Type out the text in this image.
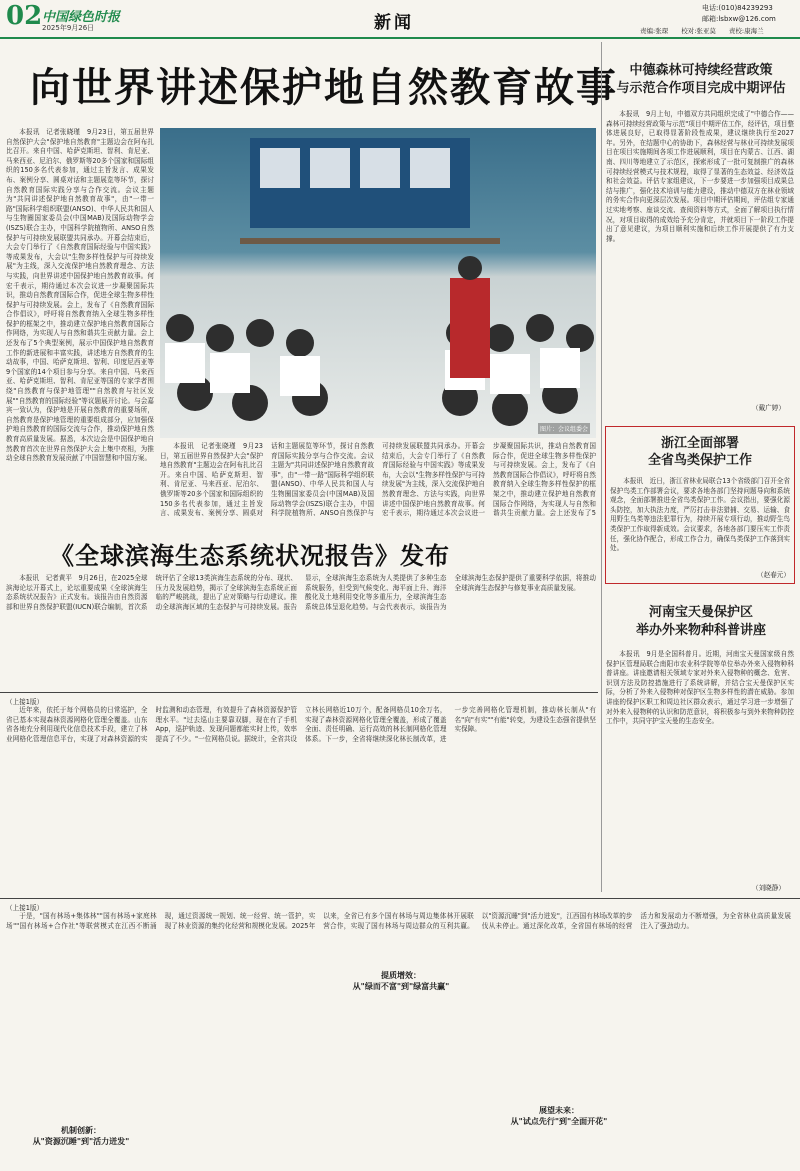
02 中国绿色时报
2025年9月26日	新闻
电话:(010)84239293
邮箱:lsbxw@126.com
责编:张琛　　校对:张亚莫　　责校:康海兰
向世界讲述保护地自然教育故事

本报讯　记者张晓瑾　9月23日，第五届世界自然保护大会"保护地自然教育"主题边会在阿布扎比召开。来自中国、哈萨克斯坦、智利、肯尼亚、马来西亚、尼泊尔、俄罗斯等20多个国家和国际组织的150多名代表参加，通过主旨发言、成果发布、案例分享、圆桌对话和主题展览等环节，探讨自然教育国际实践分享与合作交流。会议主题为"共同讲述保护地自然教育故事"，由"一带一路"国际科学组织联盟(ANSO)、中华人民共和国人与生物圈国家委员会(中国MAB)及国际动物学会(ISZS)联合主办，中国科学院植物所、ANSO自然保护与可持续发展联盟共同承办。开幕会结束后，大会专门举行了《自然教育国际经验与中国实践》等成果发布，大会以"生物多样性保护与可持续发展"为主线，深入交流保护地自然教育理念、方法与实践，向世界讲述中国保护地自然教育故事。何宏千表示，期待通过本次会议进一步凝聚国际共识，推动自然教育国际合作，促进全球生物多样性保护与可持续发展。会上，发布了《自然教育国际合作倡议》，呼吁将自然教育纳入全球生物多样性保护的框架之中，推动建立保护地自然教育国际合作网络，为实现人与自然和谐共生贡献力量。会上还发布了5个典型案例，展示中国保护地自然教育工作的新进展和丰富实践，讲述地方自然教育的生动故事，中国、哈萨克斯坦、智利、印度尼西亚等9个国家的14个项目参与分享。来自中国、马来西亚、哈萨克斯坦、智利、肯尼亚等国的专家学者围绕"自然教育与保护地管理""自然教育与社区发展""自然教育的国际经验"等议题展开讨论。与会嘉宾一致认为，保护地是开展自然教育的重要场所，自然教育是保护地管理的重要组成部分，应加强保护地自然教育的国际交流与合作，推动保护地自然教育高质量发展。据悉，本次边会是中国保护地自然教育首次在世界自然保护大会上集中亮相，为推动全球自然教育发展贡献了中国智慧和中国方案。

图片：会议组委会

本报讯　记者张晓瑾　9月23日，第五届世界自然保护大会"保护地自然教育"主题边会在阿布扎比召开。来自中国、哈萨克斯坦、智利、肯尼亚、马来西亚、尼泊尔、俄罗斯等20多个国家和国际组织的150多名代表参加，通过主旨发言、成果发布、案例分享、圆桌对话和主题展览等环节，探讨自然教育国际实践分享与合作交流。会议主题为"共同讲述保护地自然教育故事"，由"一带一路"国际科学组织联盟(ANSO)、中华人民共和国人与生物圈国家委员会(中国MAB)及国际动物学会(ISZS)联合主办，中国科学院植物所、ANSO自然保护与可持续发展联盟共同承办。开幕会结束后，大会专门举行了《自然教育国际经验与中国实践》等成果发布，大会以"生物多样性保护与可持续发展"为主线，深入交流保护地自然教育理念、方法与实践，向世界讲述中国保护地自然教育故事。何宏千表示，期待通过本次会议进一步凝聚国际共识，推动自然教育国际合作，促进全球生物多样性保护与可持续发展。会上，发布了《自然教育国际合作倡议》，呼吁将自然教育纳入全球生物多样性保护的框架之中，推动建立保护地自然教育国际合作网络，为实现人与自然和谐共生贡献力量。会上还发布了5

《全球滨海生态系统状况报告》发布

本报讯　记者黄平　9月26日，在2025全球滨海论坛开幕式上，论坛重要成果《全球滨海生态系统状况报告》正式发布。该报告由自然资源部和世界自然保护联盟(IUCN)联合编制，首次系统评估了全球13类滨海生态系统的分布、现状、压力及发展趋势，揭示了全球滨海生态系统正面临的严峻挑战，提出了应对策略与行动建议。推动全球滨海区域的生态保护与可持续发展。报告显示，全球滨海生态系统为人类提供了多种生态系统服务，但受到气候变化、海平面上升、海洋酸化及土地利用变化等多重压力，全球滨海生态系统总体呈退化趋势。与会代表表示，该报告为全球滨海生态保护提供了重要科学依据，将推动全球滨海生态保护与修复事业高质量发展。

（上接1版）

近年来，依托于每个网格员的日常巡护，全省已基本实现森林资源网格化管理全覆盖。山东省各地充分利用现代化信息技术手段，建立了林业网格化管理信息平台，实现了对森林资源的实时监测和动态管理，有效提升了森林资源保护管理水平。"过去巡山主要靠双脚，现在有了手机App，巡护轨迹、发现问题都能实时上传，效率提高了不少。"一位网格员说。据统计，全省共设立林长网格近10万个，配备网格员10余万名，实现了森林资源网格化管理全覆盖，形成了覆盖全面、责任明确、运行高效的林长制网格化管理体系。下一步，全省将继续深化林长制改革，进一步完善网格化管理机制，推动林长制从"有名"向"有实""有能"转变，为建设生态强省提供坚实保障。

（上接1版）

于是，"国有林场+集体林""国有林场+家庭林场""国有林场+合作社"等联营模式在江西不断涌现，通过资源统一规划、统一经营、统一管护，实现了林业资源的集约化经营和规模化发展。2025年以来，全省已有多个国有林场与周边集体林开展联营合作，实现了国有林场与周边群众的互利共赢。以"资源沉睡"到"活力迸发"，江西国有林场改革的步伐从未停止。通过深化改革，全省国有林场的经营活力和发展动力不断增强，为全省林业高质量发展注入了强劲动力。

机制创新：
从"资源沉睡"到"活力迸发"
提质增效：
从"绿而不富"到"绿富共赢"
展望未来：
从"试点先行"到"全面开花"
中德森林可持续经营政策
与示范合作项目完成中期评估

本报讯　9月上旬，中德双方共同组织完成了"中德合作——森林可持续经营政策与示范"项目中期评估工作，经评估，项目整体进展良好，已取得显著阶段性成果，建议继续执行至2027年。另外，在结题中心的协助下，森林经营与林业可持续发展项目在项目实施期间各项工作进展顺利，项目在内蒙古、江西、湖南、四川等地建立了示范区，探索形成了一批可复制推广的森林可持续经营模式与技术规程，取得了显著的生态效益、经济效益和社会效益。评估专家组建议，下一步要进一步加强项目成果总结与推广，强化技术培训与能力建设，推动中德双方在林业领域的务实合作向更深层次发展。项目中期评估期间，评估组专家通过实地考察、座谈交流、查阅资料等方式，全面了解项目执行情况，对项目取得的成效给予充分肯定，并就项目下一阶段工作提出了意见建议，为项目顺利实施和后续工作开展提供了有力支撑。

（戴广婷）
浙江全面部署
全省鸟类保护工作

本报讯　近日，浙江省林业局联合13个省级部门召开全省保护鸟类工作部署会议，要求各地各部门坚持问题导向和系统观念，全面部署推进全省鸟类保护工作。会议指出，要强化源头防控，加大执法力度，严厉打击非法猎捕、交易、运输、食用野生鸟类等违法犯罪行为，持续开展专项行动，推动野生鸟类保护工作取得新成效。会议要求，各地各部门要压实工作责任，强化协作配合，形成工作合力，确保鸟类保护工作落到实处。

（赵春元）
河南宝天曼保护区
举办外来物种科普讲座

本报讯　9月是全国科普月。近期，河南宝天曼国家级自然保护区管理局联合南阳市农业科学院等单位举办外来入侵物种科普讲座。讲座邀请相关领域专家对外来入侵物种的概念、危害、识别方法及防控措施进行了系统讲解，并结合宝天曼保护区实际，分析了外来入侵物种对保护区生物多样性的潜在威胁。参加讲座的保护区职工和周边社区群众表示，通过学习进一步增强了对外来入侵物种的认识和防范意识，将积极参与到外来物种防控工作中，共同守护宝天曼的生态安全。

（刘晓静）
